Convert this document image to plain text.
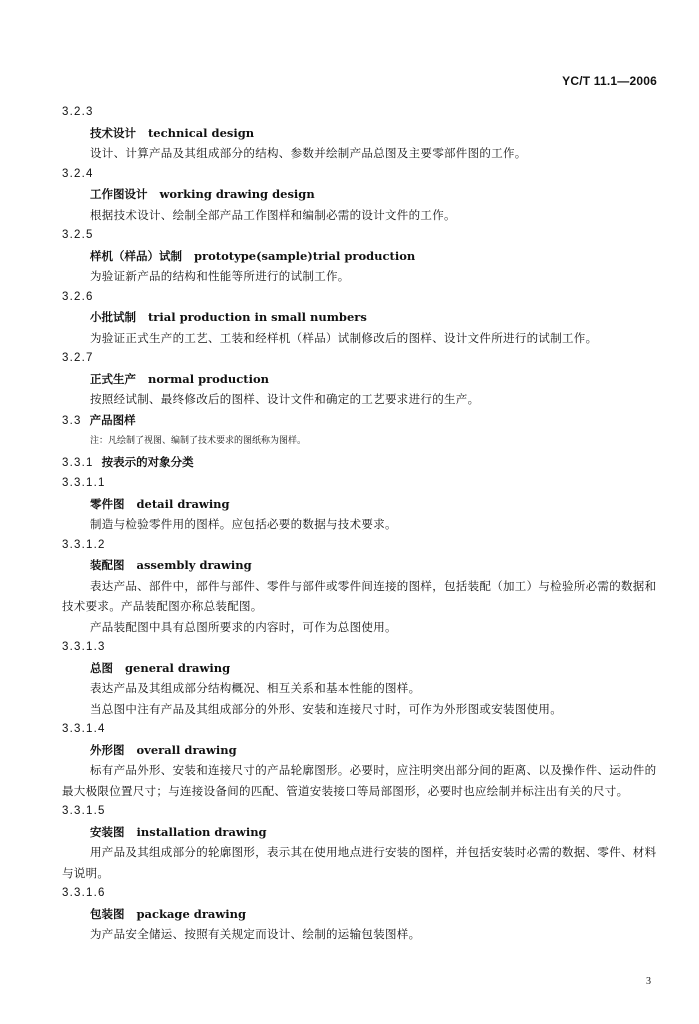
YC/T 11.1—2006
3.2.3
技术设计 technical design
设计、计算产品及其组成部分的结构、参数并绘制产品总图及主要零部件图的工作。
3.2.4
工作图设计 working drawing design
根据技术设计、绘制全部产品工作图样和编制必需的设计文件的工作。
3.2.5
样机（样品）试制 prototype(sample)trial production
为验证新产品的结构和性能等所进行的试制工作。
3.2.6
小批试制 trial production in small numbers
为验证正式生产的工艺、工装和经样机（样品）试制修改后的图样、设计文件所进行的试制工作。
3.2.7
正式生产 normal production
按照经试制、最终修改后的图样、设计文件和确定的工艺要求进行的生产。
3.3 产品图样
注：凡绘制了视图、编制了技术要求的图纸称为图样。
3.3.1 按表示的对象分类
3.3.1.1
零件图 detail drawing
制造与检验零件用的图样。应包括必要的数据与技术要求。
3.3.1.2
装配图 assembly drawing
表达产品、部件中，部件与部件、零件与部件或零件间连接的图样，包括装配（加工）与检验所必需的数据和技术要求。产品装配图亦称总装配图。
产品装配图中具有总图所要求的内容时，可作为总图使用。
3.3.1.3
总图 general drawing
表达产品及其组成部分结构概况、相互关系和基本性能的图样。
当总图中注有产品及其组成部分的外形、安装和连接尺寸时，可作为外形图或安装图使用。
3.3.1.4
外形图 overall drawing
标有产品外形、安装和连接尺寸的产品轮廓图形。必要时，应注明突出部分间的距离、以及操作件、运动件的最大极限位置尺寸；与连接设备间的匹配、管道安装接口等局部图形，必要时也应绘制并标注出有关的尺寸。
3.3.1.5
安装图 installation drawing
用产品及其组成部分的轮廓图形，表示其在使用地点进行安装的图样，并包括安装时必需的数据、零件、材料与说明。
3.3.1.6
包装图 package drawing
为产品安全储运、按照有关规定而设计、绘制的运输包装图样。
3
